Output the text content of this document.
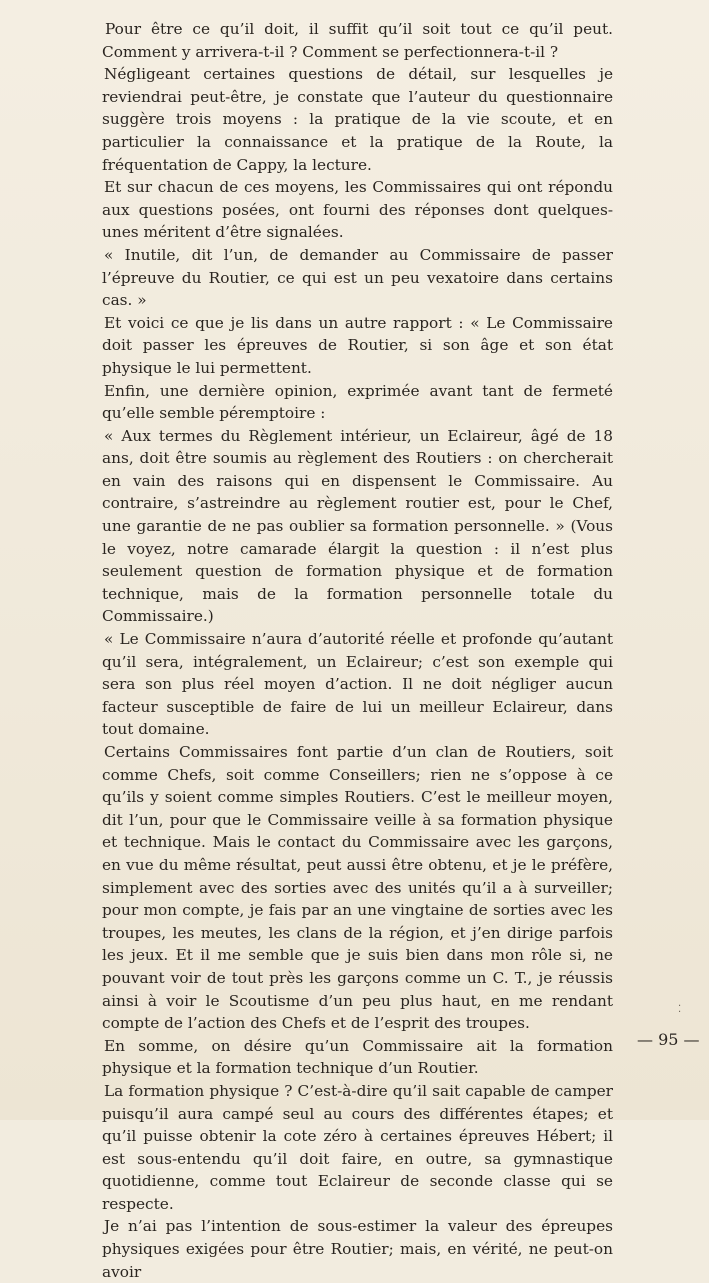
Pour être ce qu’il doit, il suffit qu’il soit tout ce qu’il peut. Comment y arrivera-t-il ? Comment se perfectionnera-t-il ?

Négligeant certaines questions de détail, sur lesquelles je reviendrai peut-être, je constate que l’auteur du questionnaire suggère trois moyens : la pratique de la vie scoute, et en particulier la connaissance et la pratique de la Route, la fréquentation de Cappy, la lecture.

Et sur chacun de ces moyens, les Commissaires qui ont répondu aux questions posées, ont fourni des réponses dont quelques-unes méritent d’être signalées.

« Inutile, dit l’un, de demander au Commissaire de passer l’épreuve du Routier, ce qui est un peu vexatoire dans certains cas. »

Et voici ce que je lis dans un autre rapport : « Le Commissaire doit passer les épreuves de Routier, si son âge et son état physique le lui permettent.

Enfin, une dernière opinion, exprimée avant tant de fermeté qu’elle semble péremptoire :

« Aux termes du Règlement intérieur, un Eclaireur, âgé de 18 ans, doit être soumis au règlement des Routiers : on chercherait en vain des raisons qui en dispensent le Commissaire. Au contraire, s’astreindre au règlement routier est, pour le Chef, une garantie de ne pas oublier sa formation personnelle. » (Vous le voyez, notre camarade élargit la question : il n’est plus seulement question de formation physique et de formation technique, mais de la formation personnelle totale du Commissaire.)

« Le Commissaire n’aura d’autorité réelle et profonde qu’autant qu’il sera, intégralement, un Eclaireur; c’est son exemple qui sera son plus réel moyen d’action. Il ne doit négliger aucun facteur susceptible de faire de lui un meilleur Eclaireur, dans tout domaine.

Certains Commissaires font partie d’un clan de Routiers, soit comme Chefs, soit comme Conseillers; rien ne s’oppose à ce qu’ils y soient comme simples Routiers. C’est le meilleur moyen, dit l’un, pour que le Commissaire veille à sa formation physique et technique. Mais le contact du Commissaire avec les garçons, en vue du même résultat, peut aussi être obtenu, et je le préfère, simplement avec des sorties avec des unités qu’il a à surveiller; pour mon compte, je fais par an une vingtaine de sorties avec les troupes, les meutes, les clans de la région, et j’en dirige parfois les jeux. Et il me semble que je suis bien dans mon rôle si, ne pouvant voir de tout près les garçons comme un C. T., je réussis ainsi à voir le Scoutisme d’un peu plus haut, en me rendant compte de l’action des Chefs et de l’esprit des troupes.

En somme, on désire qu’un Commissaire ait la formation physique et la formation technique d’un Routier.

La formation physique ? C’est-à-dire qu’il sait capable de camper puisqu’il aura campé seul au cours des différentes étapes; et qu’il puisse obtenir la cote zéro à certaines épreuves Hébert; il est sous-entendu qu’il doit faire, en outre, sa gymnastique quotidienne, comme tout Eclaireur de seconde classe qui se respecte.

Je n’ai pas l’intention de sous-estimer la valeur des épreupes physiques exigées pour être Routier; mais, en vérité, ne peut-on avoir

⁚
— 95 —
